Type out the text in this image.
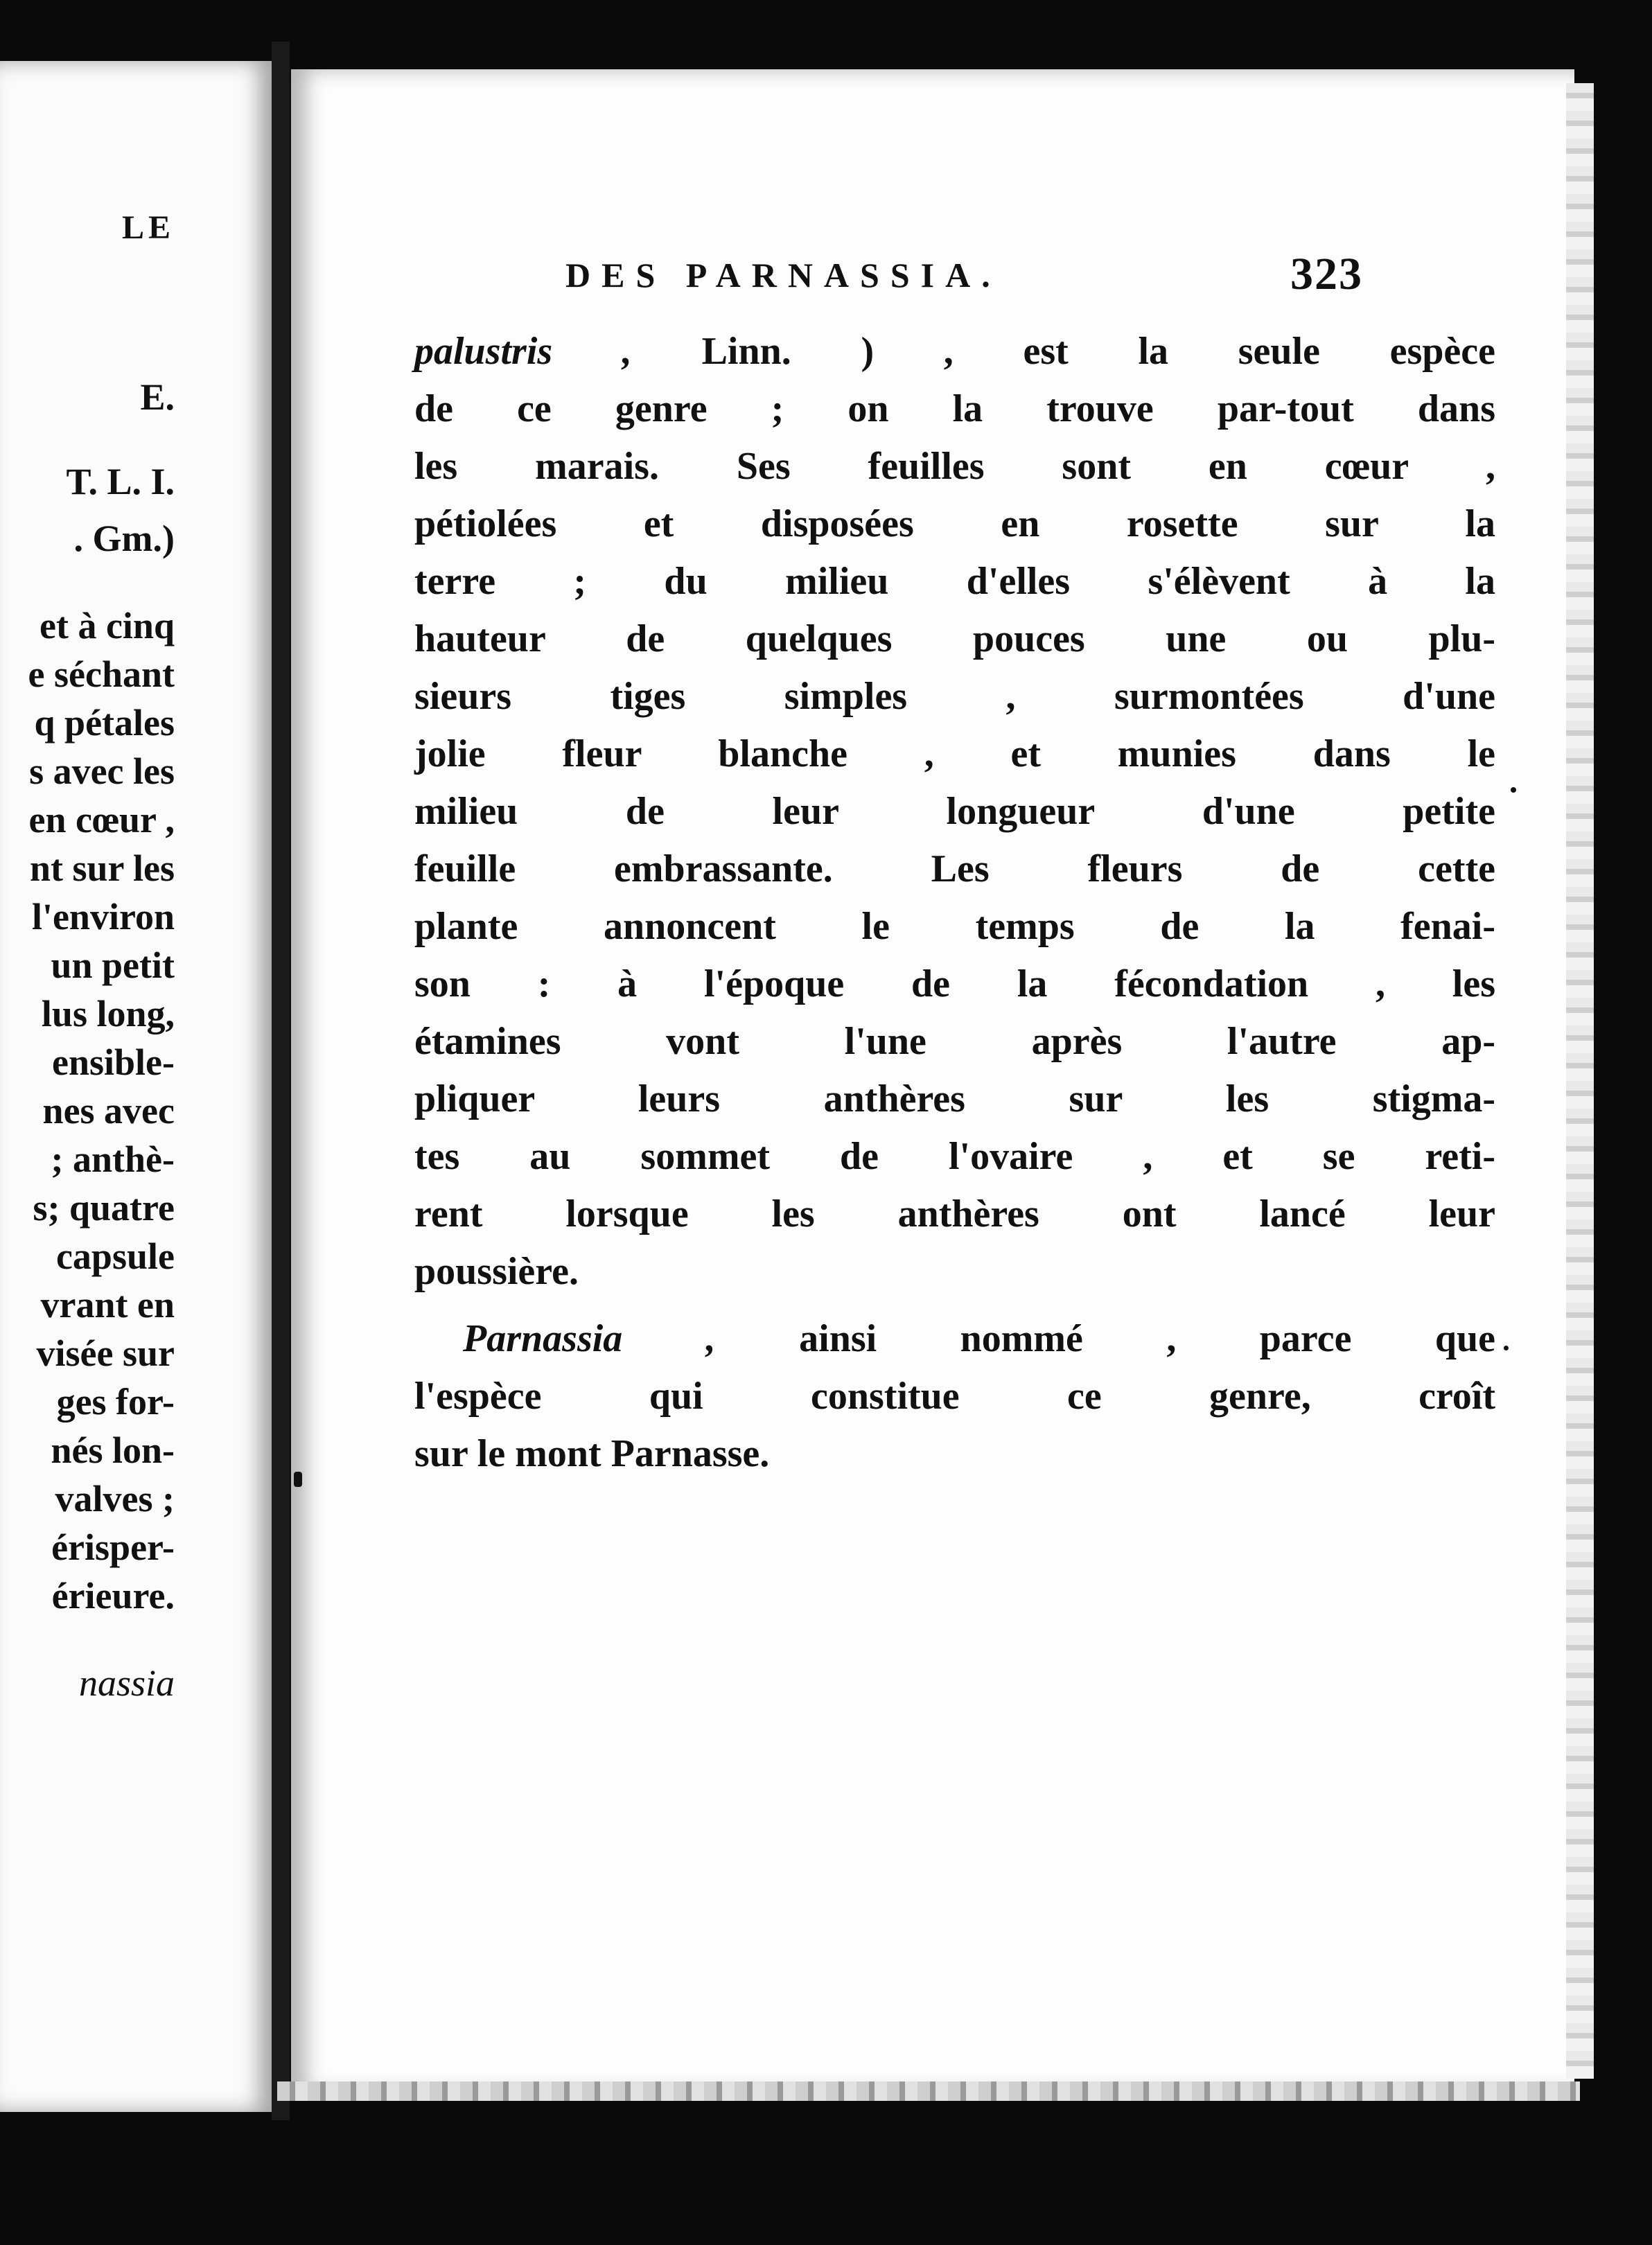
LE
E.
T. L. I.
. Gm.)
et à cinq
e séchant
q pétales
s avec les
en cœur ,
nt sur les
l'environ
un petit
lus long,
ensible-
nes avec
; anthè-
s; quatre
capsule
vrant en
visée sur
ges for-
nés lon-
valves ;
érisper-
érieure.
nassia
DES PARNASSIA.	323
palustris , Linn. ) , est la seule espèce
de ce genre ; on la trouve par-tout dans
les marais. Ses feuilles sont en cœur ,
pétiolées et disposées en rosette sur la
terre ; du milieu d'elles s'élèvent à la
hauteur de quelques pouces une ou plu-
sieurs tiges simples , surmontées d'une
jolie fleur blanche , et munies dans le
milieu de leur longueur d'une petite
feuille embrassante. Les fleurs de cette
plante annoncent le temps de la fenai-
son : à l'époque de la fécondation , les
étamines vont l'une après l'autre ap-
pliquer leurs anthères sur les stigma-
tes au sommet de l'ovaire , et se reti-
rent lorsque les anthères ont lancé leur
poussière.
Parnassia , ainsi nommé , parce que
l'espèce qui constitue ce genre, croît
sur le mont Parnasse.
